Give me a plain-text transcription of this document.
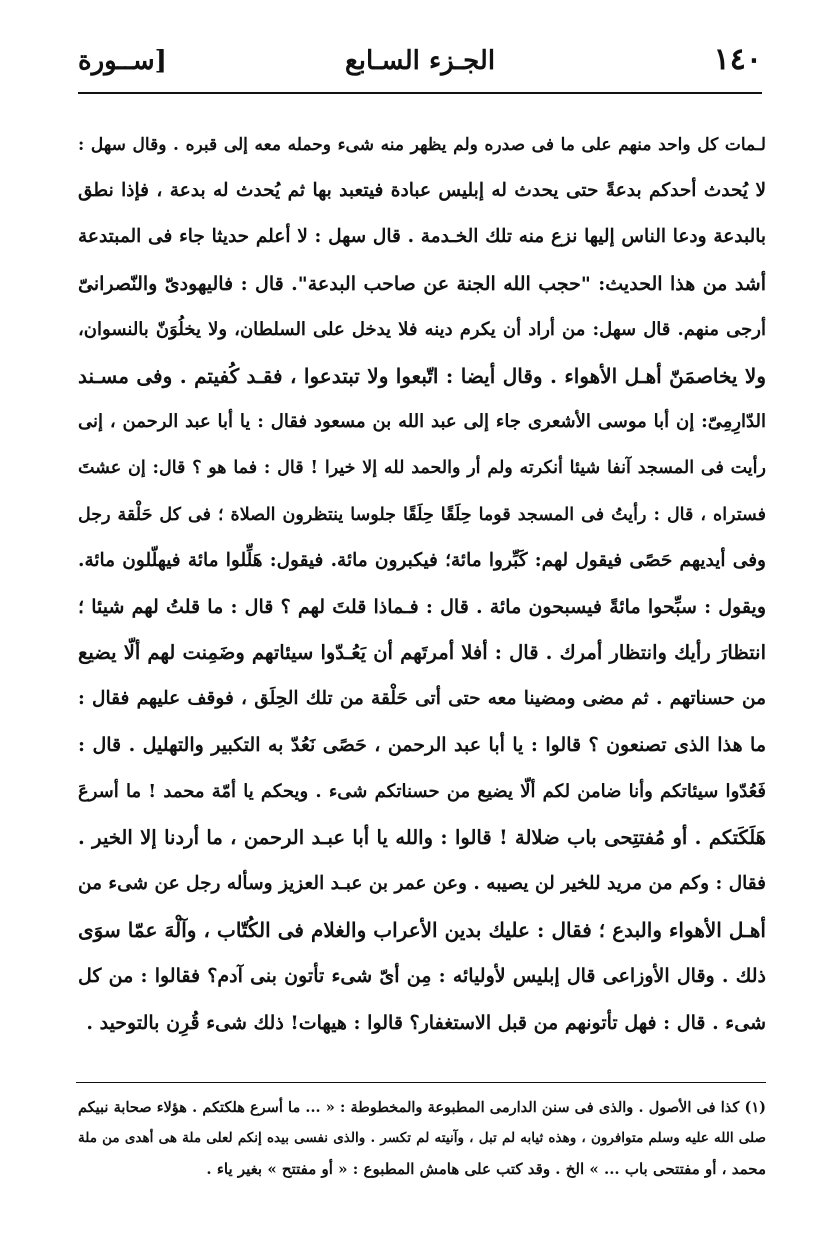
١٤٠
الجـزء السـابع
[ســورة
لـمات كل واحد منهم على ما فى صدره ولم يظهر منه شىء وحمله معه إلى قبره . وقال سهل :
لا يُحدث أحدكم بدعةً حتى يحدث له إبليس عبادة فيتعبد بها ثم يُحدث له بدعة ، فإذا نطق
بالبدعة ودعا الناس إليها نزع منه تلك الخـدمة . قال سهل : لا أعلم حديثا جاء فى المبتدعة
أشد من هذا الحديث: "حجب الله الجنة عن صاحب البدعة". قال : فاليهودىّ والنّصرانىّ
أرجى منهم. قال سهل: من أراد أن يكرم دينه فلا يدخل على السلطان، ولا يخلُوَنّ بالنسوان،
ولا يخاصمَنّ أهـل الأهواء . وقال أيضا : اتّبعوا ولا تبتدعوا ، فقـد كُفيتم . وفى مسـند
الدّارِمِىّ: إن أبا موسى الأشعرى جاء إلى عبد الله بن مسعود فقال : يا أبا عبد الرحمن ، إنى
رأيت فى المسجد آنفا شيئا أنكرته ولم أر والحمد لله إلا خيرا ! قال : فما هو ؟ قال: إن عشتَ
فستراه ، قال : رأيتُ فى المسجد قوما حِلَقًا حِلَقًا جلوسا ينتظرون الصلاة ؛ فى كل حَلْقة رجل
وفى أيديهم حَصًى فيقول لهم: كَبِّروا مائة؛ فيكبرون مائة. فيقول: هَلِّلوا مائة فيهلّلون مائة.
ويقول : سبِّحوا مائةً فيسبحون مائة . قال : فـماذا قلتَ لهم ؟ قال : ما قلتُ لهم شيئا ؛
انتظارَ رأيك وانتظار أمرك . قال : أفلا أمرتَهم أن يَعُـدّوا سيئاتهم وضَمِنت لهم ألّا يضيع
من حسناتهم . ثم مضى ومضينا معه حتى أتى حَلْقة من تلك الحِلَق ، فوقف عليهم فقال :
ما هذا الذى تصنعون ؟ قالوا : يا أبا عبد الرحمن ، حَصًى نَعُدّ به التكبير والتهليل . قال :
فَعُدّوا سيئاتكم وأنا ضامن لكم ألّا يضيع من حسناتكم شىء . ويحكم يا أمّة محمد ! ما أسرعَ
هَلَكَتكم . أو مُفتتِحى باب ضلالة ! قالوا : والله يا أبا عبـد الرحمن ، ما أردنا إلا الخير .
فقال : وكم من مريد للخير لن يصيبه . وعن عمر بن عبـد العزيز وسأله رجل عن شىء من
أهـل الأهواء والبدع ؛ فقال : عليك بدين الأعراب والغلام فى الكُتّاب ، وآلْهَ عمّا سوَى
ذلك . وقال الأوزاعى قال إبليس لأوليائه : مِن أىّ شىء تأتون بنى آدم؟ فقالوا : من كل
شىء . قال : فهل تأتونهم من قبل الاستغفار؟ قالوا : هيهات! ذلك شىء قُرِن بالتوحيد .
(١) كذا فى الأصول . والذى فى سنن الدارمى المطبوعة والمخطوطة : « ... ما أسرع هلكتكم . هؤلاء صحابة نبيكم
صلى الله عليه وسلم متوافرون ، وهذه ثيابه لم تبل ، وآنيته لم تكسر . والذى نفسى بيده إنكم لعلى ملة هى أهدى من ملة
محمد ، أو مفتتحى باب ... » الخ . وقد كتب على هامش المطبوع : « أو مفتتح » بغير ياء .
